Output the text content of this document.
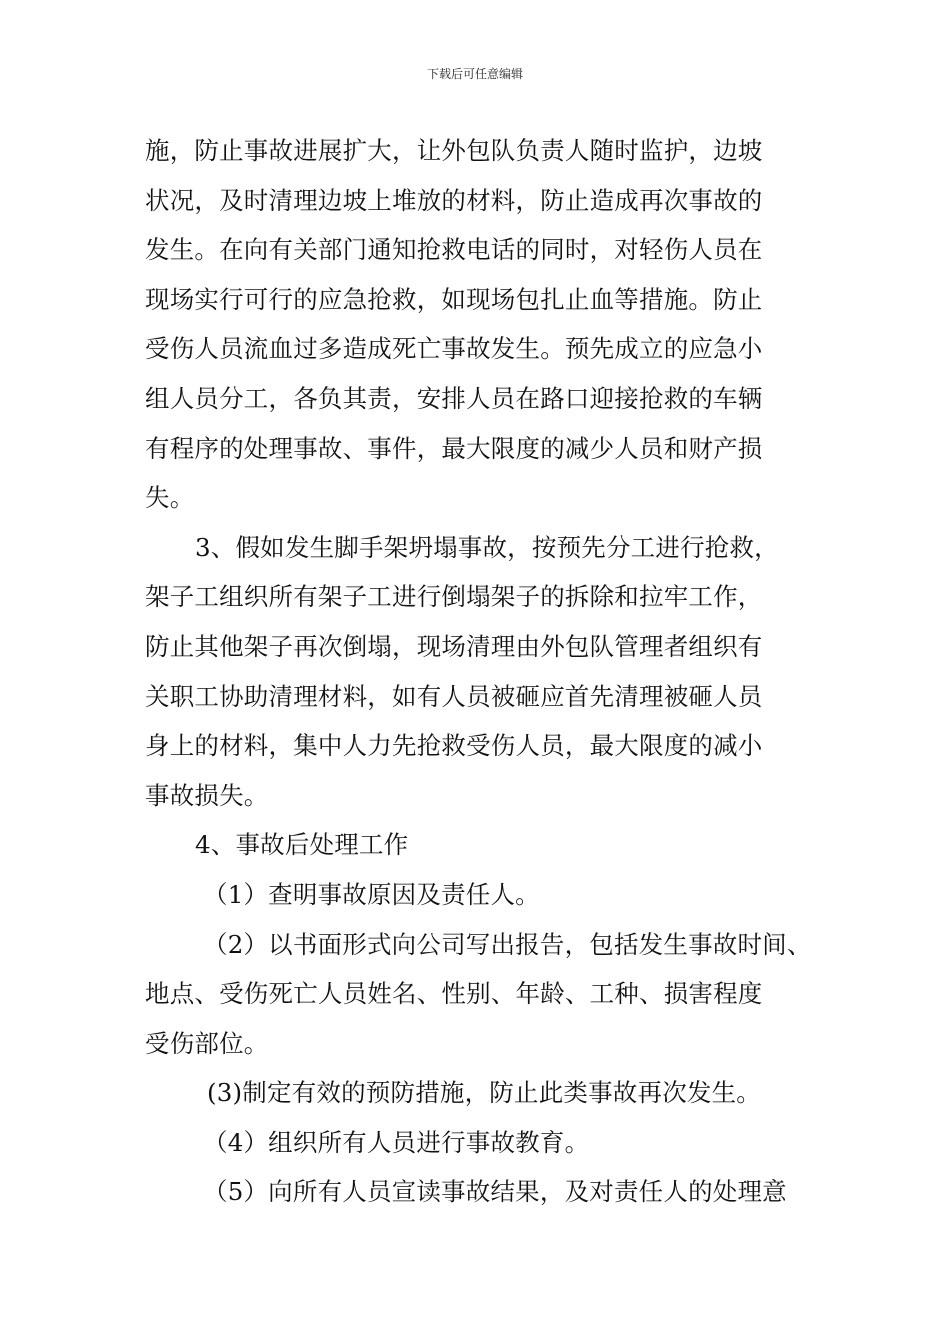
下载后可任意编辑
施，防止事故进展扩大，让外包队负责人随时监护，边坡
状况，及时清理边坡上堆放的材料，防止造成再次事故的
发生。在向有关部门通知抢救电话的同时，对轻伤人员在
现场实行可行的应急抢救，如现场包扎止血等措施。防止
受伤人员流血过多造成死亡事故发生。预先成立的应急小
组人员分工，各负其责，安排人员在路口迎接抢救的车辆
有程序的处理事故、事件，最大限度的减少人员和财产损
失。
3、假如发生脚手架坍塌事故，按预先分工进行抢救，
架子工组织所有架子工进行倒塌架子的拆除和拉牢工作，
防止其他架子再次倒塌，现场清理由外包队管理者组织有
关职工协助清理材料，如有人员被砸应首先清理被砸人员
身上的材料，集中人力先抢救受伤人员，最大限度的减小
事故损失。
4、事故后处理工作
（1）查明事故原因及责任人。
（2）以书面形式向公司写出报告，包括发生事故时间、
地点、受伤死亡人员姓名、性别、年龄、工种、损害程度
受伤部位。
(3)制定有效的预防措施，防止此类事故再次发生。
（4）组织所有人员进行事故教育。
（5）向所有人员宣读事故结果，及对责任人的处理意
